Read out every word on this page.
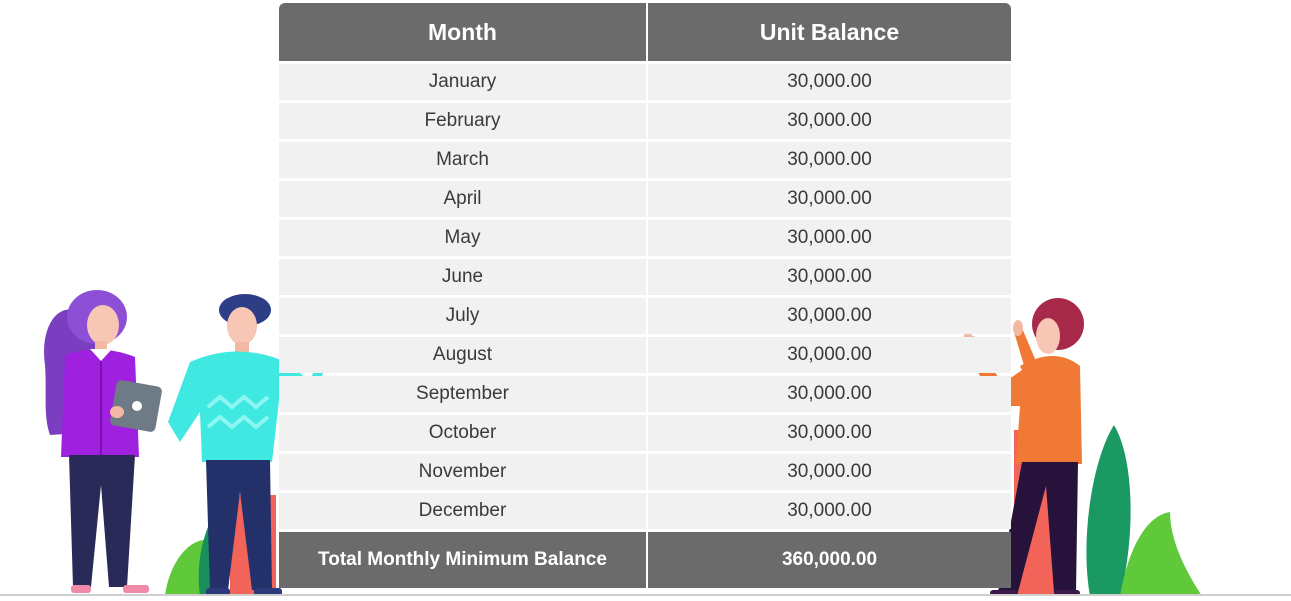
Month	Unit Balance
January	30,000.00
February	30,000.00
March	30,000.00
April	30,000.00
May	30,000.00
June	30,000.00
July	30,000.00
August	30,000.00
September	30,000.00
October	30,000.00
November	30,000.00
December	30,000.00
Total Monthly Minimum Balance	360,000.00
